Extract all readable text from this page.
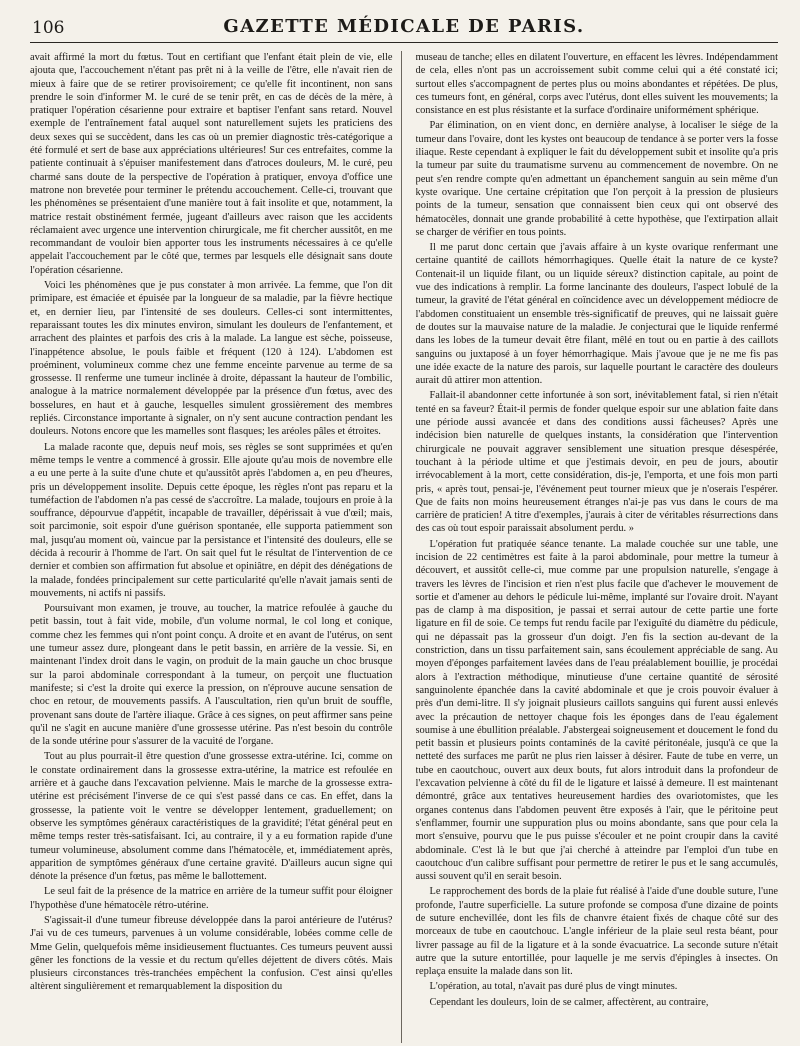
106	GAZETTE MÉDICALE DE PARIS.

avait affirmé la mort du fœtus. Tout en certifiant que l'enfant était plein de vie, elle ajouta que, l'accouchement n'étant pas prêt ni à la veille de l'être, elle n'avait rien de mieux à faire que de se retirer provisoirement; ce qu'elle fit incontinent, non sans prendre le soin d'informer M. le curé de se tenir prêt, en cas de décès de la mère, à pratiquer l'opération césarienne pour extraire et baptiser l'enfant sans retard. Nouvel exemple de l'entraînement fatal auquel sont naturellement sujets les praticiens des deux sexes qui se succèdent, dans les cas où un premier diagnostic très-catégorique a été formulé et sert de base aux appréciations ultérieures! Sur ces entrefaites, comme la patiente continuait à s'épuiser manifestement dans d'atroces douleurs, M. le curé, peu charmé sans doute de la perspective de l'opération à pratiquer, envoya d'office une matrone non brevetée pour terminer le prétendu accouchement. Celle-ci, trouvant que les phénomènes se présentaient d'une manière tout à fait insolite et que, notamment, la matrice restait obstinément fermée, jugeant d'ailleurs avec raison que les accidents réclamaient avec urgence une intervention chirurgicale, me fit chercher aussitôt, en me recommandant de vouloir bien apporter tous les instruments nécessaires à ce qu'elle appelait l'accouchement par le côté que, termes par lesquels elle désignait sans doute l'opération césarienne.

Voici les phénomènes que je pus constater à mon arrivée. La femme, que l'on dit primipare, est émaciée et épuisée par la longueur de sa maladie, par la fièvre hectique et, en dernier lieu, par l'intensité de ses douleurs. Celles-ci sont intermittentes, reparaissant toutes les dix minutes environ, simulant les douleurs de l'enfantement, et arrachent des plaintes et parfois des cris à la malade. La langue est sèche, poisseuse, l'inappétence absolue, le pouls faible et fréquent (120 à 124). L'abdomen est proéminent, volumineux comme chez une femme enceinte parvenue au terme de sa grossesse. Il renferme une tumeur inclinée à droite, dépassant la hauteur de l'ombilic, analogue à la matrice normalement développée par la présence d'un fœtus, avec des bosselures, en haut et à gauche, lesquelles simulent grossièrement des membres repliés. Circonstance importante à signaler, on n'y sent aucune contraction pendant les douleurs. Notons encore que les mamelles sont flasques; les aréoles pâles et étroites.

La malade raconte que, depuis neuf mois, ses règles se sont supprimées et qu'en même temps le ventre a commencé à grossir. Elle ajoute qu'au mois de novembre elle a eu une perte à la suite d'une chute et qu'aussitôt après l'abdomen a, en peu d'heures, pris un développement insolite. Depuis cette époque, les règles n'ont pas reparu et la tuméfaction de l'abdomen n'a pas cessé de s'accroître. La malade, toujours en proie à la souffrance, dépourvue d'appétit, incapable de travailler, dépérissait à vue d'œil; mais, soit parcimonie, soit espoir d'une guérison spontanée, elle supporta patiemment son mal, jusqu'au moment où, vaincue par la persistance et l'intensité des douleurs, elle se décida à recourir à l'homme de l'art. On sait quel fut le résultat de l'intervention de ce dernier et combien son affirmation fut absolue et opiniâtre, en dépit des dénégations de la malade, fondées principalement sur cette particularité qu'elle n'avait jamais senti de mouvements, ni actifs ni passifs.

Poursuivant mon examen, je trouve, au toucher, la matrice refoulée à gauche du petit bassin, tout à fait vide, mobile, d'un volume normal, le col long et conique, comme chez les femmes qui n'ont point conçu. A droite et en avant de l'utérus, on sent une tumeur assez dure, plongeant dans le petit bassin, en arrière de la vessie. Si, en maintenant l'index droit dans le vagin, on produit de la main gauche un choc brusque sur la paroi abdominale correspondant à la tumeur, on perçoit une fluctuation manifeste; si c'est la droite qui exerce la pression, on n'éprouve aucune sensation de choc en retour, de mouvements passifs. A l'auscultation, rien qu'un bruit de souffle, provenant sans doute de l'artère iliaque. Grâce à ces signes, on peut affirmer sans peine qu'il ne s'agit en aucune manière d'une grossesse utérine. Pas n'est besoin du contrôle de la sonde utérine pour s'assurer de la vacuité de l'organe.

Tout au plus pourrait-il être question d'une grossesse extra-utérine. Ici, comme on le constate ordinairement dans la grossesse extra-utérine, la matrice est refoulée en arrière et à gauche dans l'excavation pelvienne. Mais le marche de la grossesse extra-utérine est précisément l'inverse de ce qui s'est passé dans ce cas. En effet, dans la grossesse, la patiente voit le ventre se développer lentement, graduellement; on observe les symptômes généraux caractéristiques de la gravidité; l'état général peut en même temps rester très-satisfaisant. Ici, au contraire, il y a eu formation rapide d'une tumeur volumineuse, absolument comme dans l'hématocèle, et, immédiatement après, apparition de symptômes généraux d'une certaine gravité. D'ailleurs aucun signe qui dénote la présence d'un fœtus, pas même le ballottement.

Le seul fait de la présence de la matrice en arrière de la tumeur suffit pour éloigner l'hypothèse d'une hématocèle rétro-utérine.

S'agissait-il d'une tumeur fibreuse développée dans la paroi antérieure de l'utérus? J'ai vu de ces tumeurs, parvenues à un volume considérable, lobées comme celle de Mme Gelin, quelquefois même insidieusement fluctuantes. Ces tumeurs peuvent aussi gêner les fonctions de la vessie et du rectum qu'elles déjettent de divers côtés. Mais plusieurs circonstances très-tranchées empêchent la confusion. C'est ainsi qu'elles altèrent singulièrement et remarquablement la disposition du

museau de tanche; elles en dilatent l'ouverture, en effacent les lèvres. Indépendamment de cela, elles n'ont pas un accroissement subit comme celui qui a été constaté ici; surtout elles s'accompagnent de pertes plus ou moins abondantes et répétées. De plus, ces tumeurs font, en général, corps avec l'utérus, dont elles suivent les mouvements; la consistance en est plus résistante et la surface d'ordinaire uniformément sphérique.

Par élimination, on en vient donc, en dernière analyse, à localiser le siége de la tumeur dans l'ovaire, dont les kystes ont beaucoup de tendance à se porter vers la fosse iliaque. Reste cependant à expliquer le fait du développement subit et insolite qu'a pris la tumeur par suite du traumatisme survenu au commencement de novembre. On ne peut s'en rendre compte qu'en admettant un épanchement sanguin au sein même d'un kyste ovarique. Une certaine crépitation que l'on perçoit à la pression de plusieurs points de la tumeur, sensation que connaissent bien ceux qui ont observé des hématocèles, donnait une grande probabilité à cette hypothèse, que l'extirpation allait se charger de vérifier en tous points.

Il me parut donc certain que j'avais affaire à un kyste ovarique renfermant une certaine quantité de caillots hémorrhagiques. Quelle était la nature de ce kyste? Contenait-il un liquide filant, ou un liquide séreux? distinction capitale, au point de vue des indications à remplir. La forme lancinante des douleurs, l'aspect lobulé de la tumeur, la gravité de l'état général en coïncidence avec un développement médiocre de l'abdomen constituaient un ensemble très-significatif de preuves, qui ne laissait guère de doutes sur la mauvaise nature de la maladie. Je conjecturai que le liquide renfermé dans les lobes de la tumeur devait être filant, mêlé en tout ou en partie à des caillots sanguins ou juxtaposé à un foyer hémorrhagique. Mais j'avoue que je ne me fis pas une idée exacte de la nature des parois, sur laquelle pourtant le caractère des douleurs aurait dû attirer mon attention.

Fallait-il abandonner cette infortunée à son sort, inévitablement fatal, si rien n'était tenté en sa faveur? Était-il permis de fonder quelque espoir sur une ablation faite dans une période aussi avancée et dans des conditions aussi fâcheuses? Après une indécision bien naturelle de quelques instants, la considération que l'intervention chirurgicale ne pouvait aggraver sensiblement une situation presque désespérée, touchant à la période ultime et que j'estimais devoir, en peu de jours, aboutir irrévocablement à la mort, cette considération, dis-je, l'emporta, et une fois mon parti pris, « après tout, pensai-je, l'événement peut tourner mieux que je n'oserais l'espérer. Que de faits non moins heureusement étranges n'ai-je pas vus dans le cours de ma carrière de praticien! A titre d'exemples, j'aurais à citer de véritables résurrections dans des cas où tout espoir paraissait absolument perdu. »

L'opération fut pratiquée séance tenante. La malade couchée sur une table, une incision de 22 centimètres est faite à la paroi abdominale, pour mettre la tumeur à découvert, et aussitôt celle-ci, mue comme par une propulsion naturelle, s'engage à travers les lèvres de l'incision et rien n'est plus facile que d'achever le mouvement de sortie et d'amener au dehors le pédicule lui-même, implanté sur l'ovaire droit. N'ayant pas de clamp à ma disposition, je passai et serrai autour de cette partie une forte ligature en fil de soie. Ce temps fut rendu facile par l'exiguïté du diamètre du pédicule, qui ne dépassait pas la grosseur d'un doigt. J'en fis la section au-devant de la constriction, dans un tissu parfaitement sain, sans écoulement appréciable de sang. Au moyen d'éponges parfaitement lavées dans de l'eau préalablement bouillie, je procédai alors à l'extraction méthodique, minutieuse d'une certaine quantité de sérosité sanguinolente épanchée dans la cavité abdominale et que je crois pouvoir évaluer à près d'un demi-litre. Il s'y joignait plusieurs caillots sanguins qui furent aussi enlevés avec la précaution de nettoyer chaque fois les éponges dans de l'eau également soumise à une ébullition préalable. J'abstergeai soigneusement et doucement le fond du petit bassin et plusieurs points contaminés de la cavité péritonéale, jusqu'à ce que la netteté des surfaces me parût ne plus rien laisser à désirer. Faute de tube en verre, un tube en caoutchouc, ouvert aux deux bouts, fut alors introduit dans la profondeur de l'excavation pelvienne à côté du fil de le ligature et laissé à demeure. Il est maintenant démontré, grâce aux tentatives heureusement hardies des ovariotomistes, que les organes contenus dans l'abdomen peuvent être exposés à l'air, que le péritoine peut s'enflammer, fournir une suppuration plus ou moins abondante, sans que pour cela la mort s'ensuive, pourvu que le pus puisse s'écouler et ne point croupir dans la cavité abdominale. C'est là le but que j'ai cherché à atteindre par l'emploi d'un tube en caoutchouc d'un calibre suffisant pour permettre de retirer le pus et le sang accumulés, aussi souvent qu'il en serait besoin.

Le rapprochement des bords de la plaie fut réalisé à l'aide d'une double suture, l'une profonde, l'autre superficielle. La suture profonde se composa d'une dizaine de points de suture enchevillée, dont les fils de chanvre étaient fixés de chaque côté sur des morceaux de tube en caoutchouc. L'angle inférieur de la plaie seul resta béant, pour livrer passage au fil de la ligature et à la sonde évacuatrice. La seconde suture n'était autre que la suture entortillée, pour laquelle je me servis d'épingles à insectes. On replaça ensuite la malade dans son lit.

L'opération, au total, n'avait pas duré plus de vingt minutes.

Cependant les douleurs, loin de se calmer, affectèrent, au contraire,
